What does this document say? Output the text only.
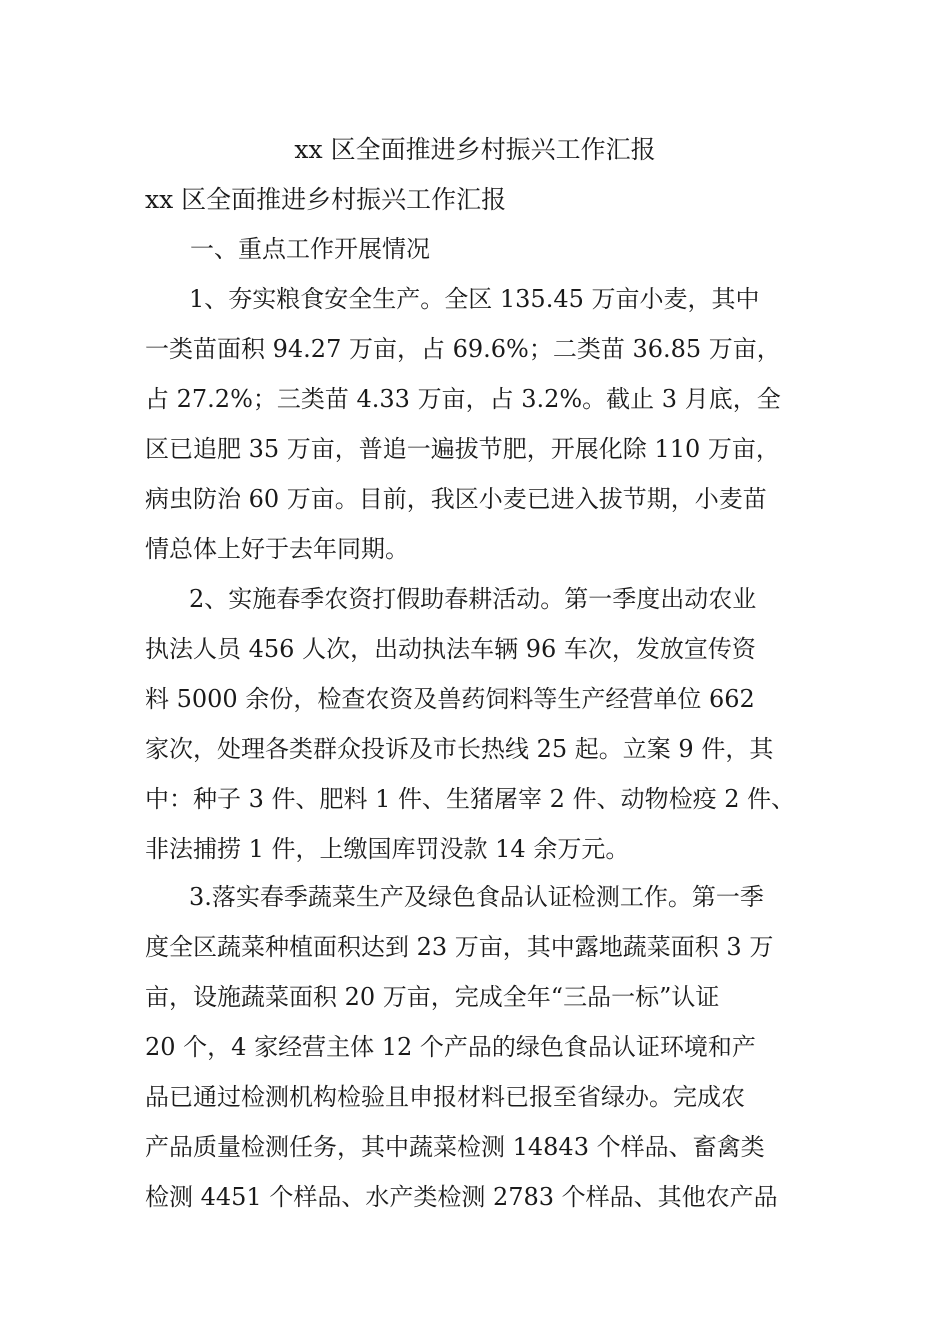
xx 区全面推进乡村振兴工作汇报
xx 区全面推进乡村振兴工作汇报
一、重点工作开展情况
1、夯实粮食安全生产。全区 135.45 万亩小麦，其中
一类苗面积 94.27 万亩，占 69.6%；二类苗 36.85 万亩，
占 27.2%；三类苗 4.33 万亩，占 3.2%。截止 3 月底，全
区已追肥 35 万亩，普追一遍拔节肥，开展化除 110 万亩，
病虫防治 60 万亩。目前，我区小麦已进入拔节期，小麦苗
情总体上好于去年同期。
2、实施春季农资打假助春耕活动。第一季度出动农业
执法人员 456 人次，出动执法车辆 96 车次，发放宣传资
料 5000 余份，检查农资及兽药饲料等生产经营单位 662
家次，处理各类群众投诉及市长热线 25 起。立案 9 件，其
中：种子 3 件、肥料 1 件、生猪屠宰 2 件、动物检疫 2 件、
非法捕捞 1 件，上缴国库罚没款 14 余万元。
3.落实春季蔬菜生产及绿色食品认证检测工作。第一季
度全区蔬菜种植面积达到 23 万亩，其中露地蔬菜面积 3 万
亩，设施蔬菜面积 20 万亩，完成全年“三品一标”认证
20 个，4 家经营主体 12 个产品的绿色食品认证环境和产
品已通过检测机构检验且申报材料已报至省绿办。完成农
产品质量检测任务，其中蔬菜检测 14843 个样品、畜禽类
检测 4451 个样品、水产类检测 2783 个样品、其他农产品
